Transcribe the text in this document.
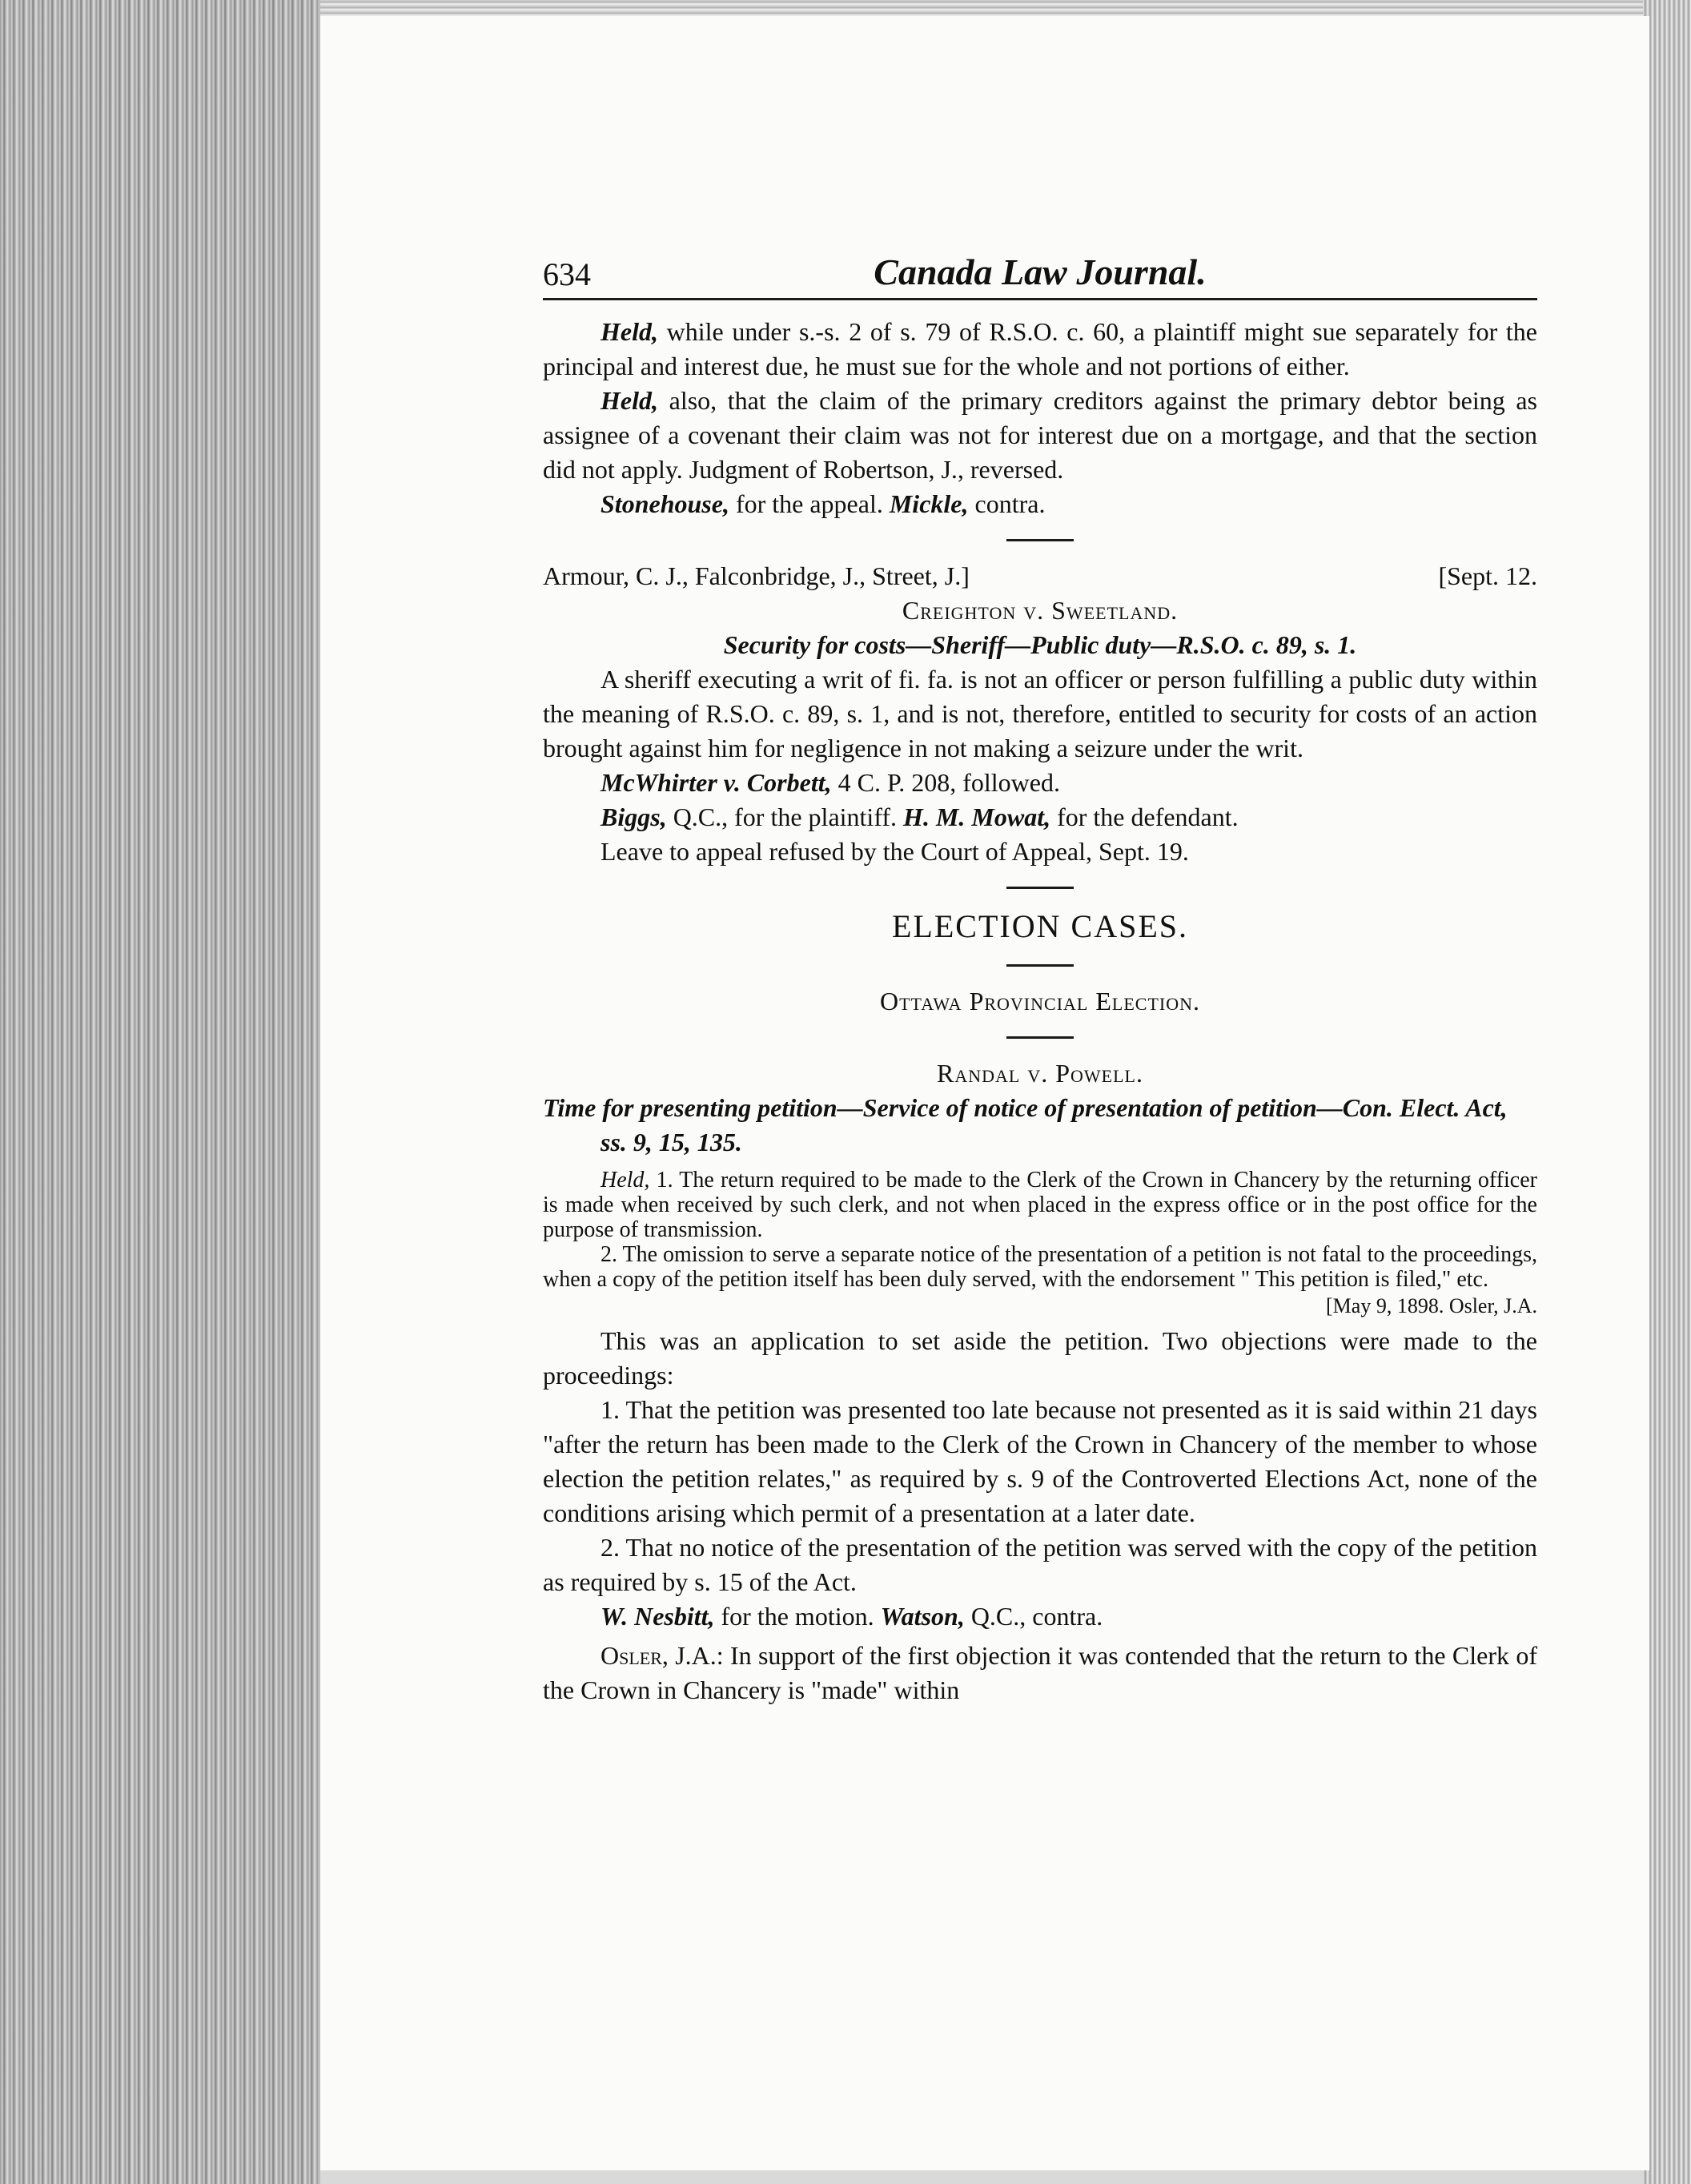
634	Canada Law Journal.

Held, while under s.-s. 2 of s. 79 of R.S.O. c. 60, a plaintiff might sue separately for the principal and interest due, he must sue for the whole and not portions of either.

Held, also, that the claim of the primary creditors against the primary debtor being as assignee of a covenant their claim was not for interest due on a mortgage, and that the section did not apply. Judgment of Robertson, J., reversed.

Stonehouse, for the appeal. Mickle, contra.

Armour, C. J., Falconbridge, J., Street, J.]	[Sept. 12.
Creighton v. Sweetland.
Security for costs—Sheriff—Public duty—R.S.O. c. 89, s. 1.

A sheriff executing a writ of fi. fa. is not an officer or person fulfilling a public duty within the meaning of R.S.O. c. 89, s. 1, and is not, therefore, entitled to security for costs of an action brought against him for negligence in not making a seizure under the writ.

McWhirter v. Corbett, 4 C. P. 208, followed.

Biggs, Q.C., for the plaintiff. H. M. Mowat, for the defendant.

Leave to appeal refused by the Court of Appeal, Sept. 19.

ELECTION CASES.
Ottawa Provincial Election.
Randal v. Powell.
Time for presenting petition—Service of notice of presentation of petition—Con. Elect. Act, ss. 9, 15, 135.

Held, 1. The return required to be made to the Clerk of the Crown in Chancery by the returning officer is made when received by such clerk, and not when placed in the express office or in the post office for the purpose of transmission.

2. The omission to serve a separate notice of the presentation of a petition is not fatal to the proceedings, when a copy of the petition itself has been duly served, with the endorsement " This petition is filed," etc.

[May 9, 1898. Osler, J.A.

This was an application to set aside the petition. Two objections were made to the proceedings:

1. That the petition was presented too late because not presented as it is said within 21 days "after the return has been made to the Clerk of the Crown in Chancery of the member to whose election the petition relates," as required by s. 9 of the Controverted Elections Act, none of the conditions arising which permit of a presentation at a later date.

2. That no notice of the presentation of the petition was served with the copy of the petition as required by s. 15 of the Act.

W. Nesbitt, for the motion. Watson, Q.C., contra.

Osler, J.A.: In support of the first objection it was contended that the return to the Clerk of the Crown in Chancery is "made" within
